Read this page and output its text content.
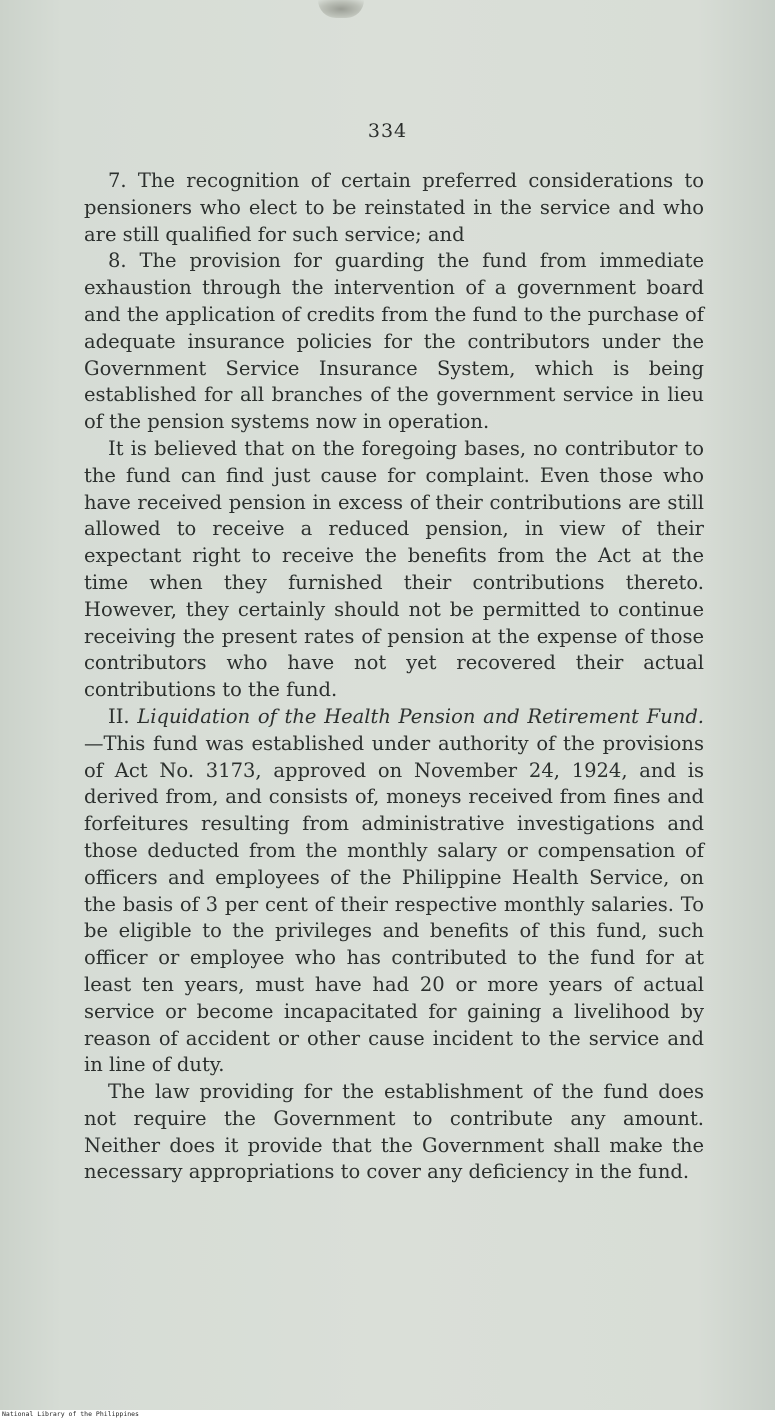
334

7. The recognition of certain preferred considerations to pensioners who elect to be reinstated in the service and who are still qualified for such service; and

8. The provision for guarding the fund from immediate exhaustion through the intervention of a government board and the application of credits from the fund to the purchase of adequate insurance policies for the contributors under the Government Service Insurance System, which is being established for all branches of the government service in lieu of the pension systems now in operation.

It is believed that on the foregoing bases, no contributor to the fund can find just cause for complaint. Even those who have received pension in excess of their contributions are still allowed to receive a reduced pension, in view of their expectant right to receive the benefits from the Act at the time when they furnished their contributions thereto. However, they certainly should not be permitted to continue receiving the present rates of pension at the expense of those contributors who have not yet recovered their actual contributions to the fund.

II. Liquidation of the Health Pension and Retirement Fund.—This fund was established under authority of the provisions of Act No. 3173, approved on November 24, 1924, and is derived from, and consists of, moneys received from fines and forfeitures resulting from administrative investigations and those deducted from the monthly salary or compensation of officers and employees of the Philippine Health Service, on the basis of 3 per cent of their respective monthly salaries. To be eligible to the privileges and benefits of this fund, such officer or employee who has contributed to the fund for at least ten years, must have had 20 or more years of actual service or become incapacitated for gaining a livelihood by reason of accident or other cause incident to the service and in line of duty.

The law providing for the establishment of the fund does not require the Government to contribute any amount. Neither does it provide that the Government shall make the necessary appropriations to cover any deficiency in the fund.

National Library of the Philippines
